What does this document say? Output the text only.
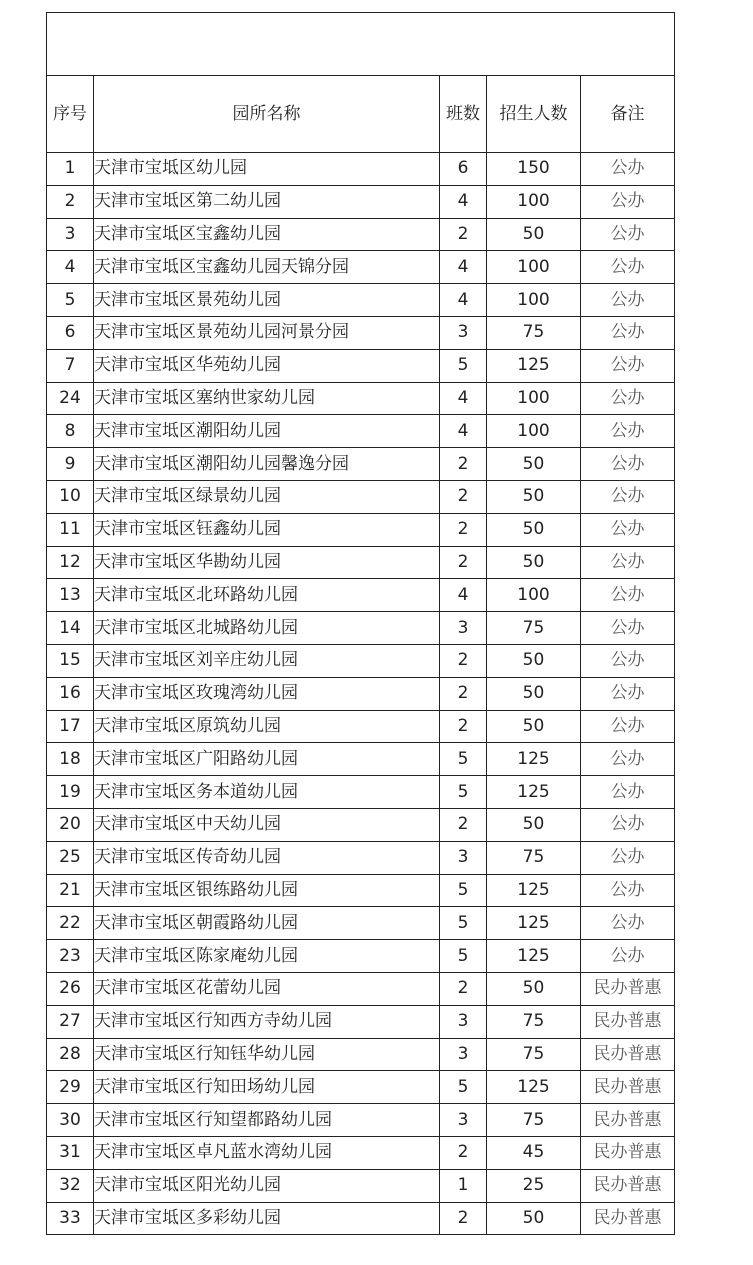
序号	园所名称	班数	招生人数	备注
1	天津市宝坻区幼儿园	6	150	公办
2	天津市宝坻区第二幼儿园	4	100	公办
3	天津市宝坻区宝鑫幼儿园	2	50	公办
4	天津市宝坻区宝鑫幼儿园天锦分园	4	100	公办
5	天津市宝坻区景苑幼儿园	4	100	公办
6	天津市宝坻区景苑幼儿园河景分园	3	75	公办
7	天津市宝坻区华苑幼儿园	5	125	公办
24	天津市宝坻区塞纳世家幼儿园	4	100	公办
8	天津市宝坻区潮阳幼儿园	4	100	公办
9	天津市宝坻区潮阳幼儿园馨逸分园	2	50	公办
10	天津市宝坻区绿景幼儿园	2	50	公办
11	天津市宝坻区钰鑫幼儿园	2	50	公办
12	天津市宝坻区华勘幼儿园	2	50	公办
13	天津市宝坻区北环路幼儿园	4	100	公办
14	天津市宝坻区北城路幼儿园	3	75	公办
15	天津市宝坻区刘辛庄幼儿园	2	50	公办
16	天津市宝坻区玫瑰湾幼儿园	2	50	公办
17	天津市宝坻区原筑幼儿园	2	50	公办
18	天津市宝坻区广阳路幼儿园	5	125	公办
19	天津市宝坻区务本道幼儿园	5	125	公办
20	天津市宝坻区中天幼儿园	2	50	公办
25	天津市宝坻区传奇幼儿园	3	75	公办
21	天津市宝坻区银练路幼儿园	5	125	公办
22	天津市宝坻区朝霞路幼儿园	5	125	公办
23	天津市宝坻区陈家庵幼儿园	5	125	公办
26	天津市宝坻区花蕾幼儿园	2	50	民办普惠
27	天津市宝坻区行知西方寺幼儿园	3	75	民办普惠
28	天津市宝坻区行知钰华幼儿园	3	75	民办普惠
29	天津市宝坻区行知田场幼儿园	5	125	民办普惠
30	天津市宝坻区行知望都路幼儿园	3	75	民办普惠
31	天津市宝坻区卓凡蓝水湾幼儿园	2	45	民办普惠
32	天津市宝坻区阳光幼儿园	1	25	民办普惠
33	天津市宝坻区多彩幼儿园	2	50	民办普惠
